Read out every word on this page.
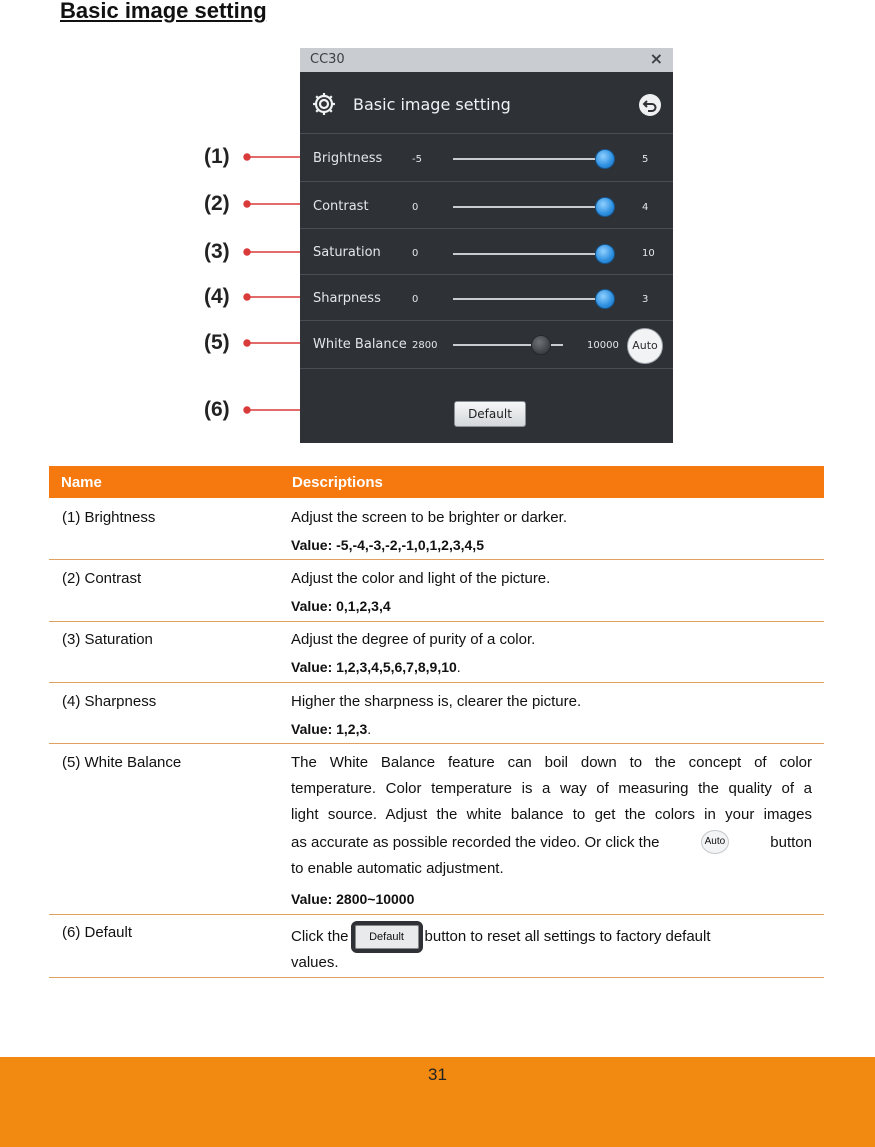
Basic image setting
(1)
(2)
(3)
(4)
(5)
(6)
CC30	×
Basic image setting
Brightness	-5	5
Contrast	0	4
Saturation	0	10
Sharpness	0	3
White Balance 2800	10000	Auto
Default
Name	Descriptions
(1) Brightness	Adjust the screen to be brighter or darker.
Value: -5,-4,-3,-2,-1,0,1,2,3,4,5
(2) Contrast	Adjust the color and light of the picture.
Value: 0,1,2,3,4
(3) Saturation	Adjust the degree of purity of a color.
Value: 1,2,3,4,5,6,7,8,9,10.
(4) Sharpness	Higher the sharpness is, clearer the picture.
Value: 1,2,3.
(5) White Balance	The White Balance feature can boil down to the concept of color
temperature. Color temperature is a way of measuring the quality of a
light source. Adjust the white balance to get the colors in your images
as accurate as possible recorded the video. Or click the	Auto	button
to enable automatic adjustment.
Value: 2800~10000
(6) Default	Click the Default button to reset all settings to factory default
values.
31
